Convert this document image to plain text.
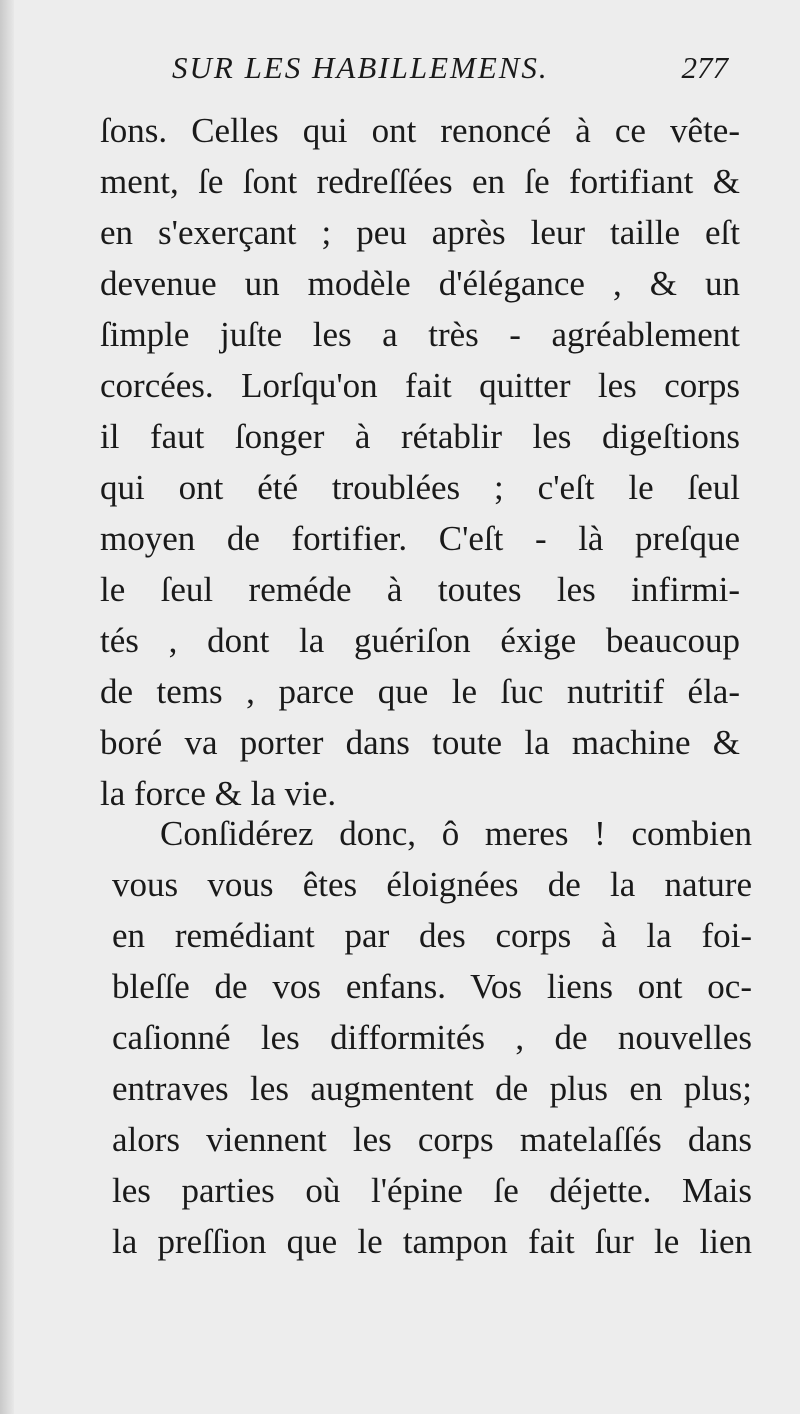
SUR LES HABILLEMENS.	277
ſons. Celles qui ont renoncé à ce vête-
ment, ſe ſont redreſſées en ſe fortifiant &
en s'exerçant ; peu après leur taille eſt
devenue un modèle d'élégance , & un
ſimple juſte les a très - agréablement
corcées. Lorſqu'on fait quitter les corps
il faut ſonger à rétablir les digeſtions
qui ont été troublées ; c'eſt le ſeul
moyen de fortifier. C'eſt - là preſque
le ſeul reméde à toutes les infirmi-
tés , dont la guériſon éxige beaucoup
de tems , parce que le ſuc nutritif éla-
boré va porter dans toute la machine &
la force & la vie.
Conſidérez donc, ô meres ! combien
vous vous êtes éloignées de la nature
en remédiant par des corps à la foi-
bleſſe de vos enfans. Vos liens ont oc-
caſionné les difformités , de nouvelles
entraves les augmentent de plus en plus;
alors viennent les corps matelaſſés dans
les parties où l'épine ſe déjette. Mais
la preſſion que le tampon fait ſur le lien
